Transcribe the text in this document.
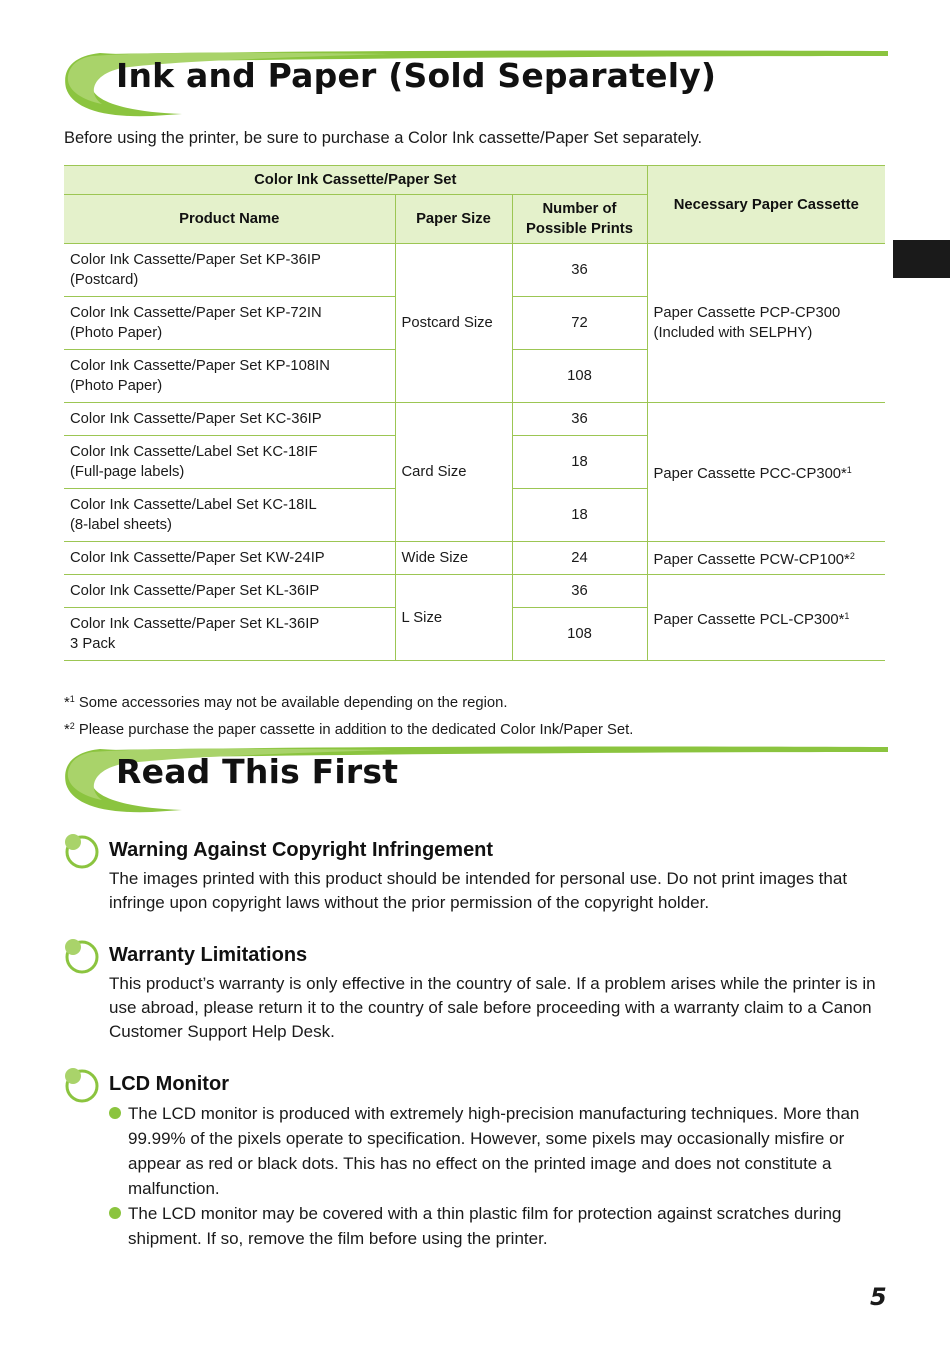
Ink and Paper (Sold Separately)

Before using the printer, be sure to purchase a Color Ink cassette/Paper Set separately.

Color Ink Cassette/Paper Set			Necessary Paper Cassette
Product Name	Paper Size	Number of
Possible Prints	
Color Ink Cassette/Paper Set KP-36IP
(Postcard)	Postcard Size	36	Paper Cassette PCP-CP300
(Included with SELPHY)
Color Ink Cassette/Paper Set KP-72IN
(Photo Paper)		72	
Color Ink Cassette/Paper Set KP-108IN
(Photo Paper)		108	
Color Ink Cassette/Paper Set KC-36IP	Card Size	36	Paper Cassette PCC-CP300*$^1$
Color Ink Cassette/Label Set KC-18IF
(Full-page labels)		18	
Color Ink Cassette/Label Set KC-18IL
(8-label sheets)		18	
Color Ink Cassette/Paper Set KW-24IP	Wide Size	24	Paper Cassette PCW-CP100*$^2$
Color Ink Cassette/Paper Set KL-36IP	L Size	36	Paper Cassette PCL-CP300*$^1$
Color Ink Cassette/Paper Set KL-36IP
3 Pack		108	

*$^1$ Some accessories may not be available depending on the region.

*$^2$ Please purchase the paper cassette in addition to the dedicated Color Ink/Paper Set.

Read This First
Warning Against Copyright Infringement

The images printed with this product should be intended for personal use. Do not print images that infringe upon copyright laws without the prior permission of the copyright holder.

Warranty Limitations

This product’s warranty is only effective in the country of sale. If a problem arises while the printer is in use abroad, please return it to the country of sale before proceeding with a warranty claim to a Canon Customer Support Help Desk.

LCD Monitor
The LCD monitor is produced with extremely high-precision manufacturing techniques. More than 99.99% of the pixels operate to specification. However, some pixels may occasionally misfire or appear as red or black dots. This has no effect on the printed image and does not constitute a malfunction.
The LCD monitor may be covered with a thin plastic film for protection against scratches during shipment. If so, remove the film before using the printer.
5
